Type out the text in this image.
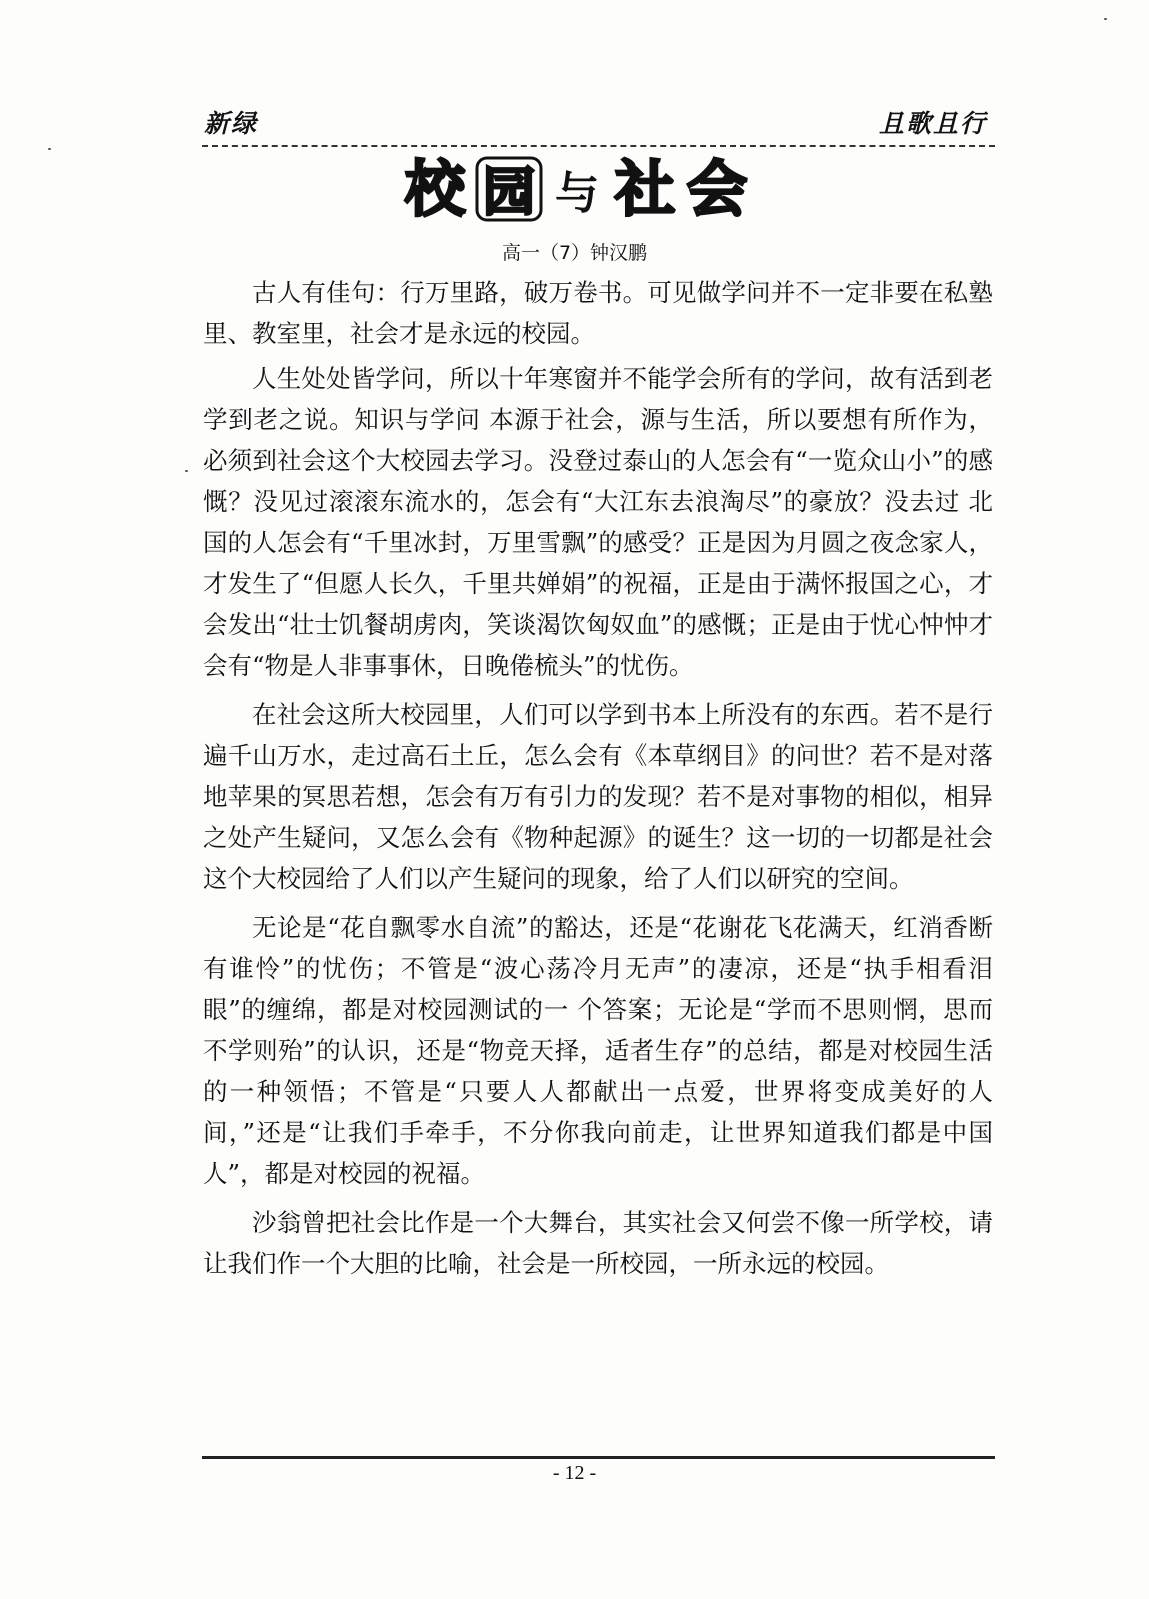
新绿	且歌且行
校 园 与 社 会
高一（7）钟汉鹏

古人有佳句：行万里路，破万卷书。可见做学问并不一定非要在私塾里、教室里，社会才是永远的校园。

人生处处皆学问，所以十年寒窗并不能学会所有的学问，故有活到老学到老之说。知识与学问 本源于社会，源与生活，所以要想有所作为，必须到社会这个大校园去学习。没登过泰山的人怎会有“一览众山小”的感慨？没见过滚滚东流水的，怎会有“大江东去浪淘尽”的豪放？没去过 北国的人怎会有“千里冰封，万里雪飘”的感受？正是因为月圆之夜念家人，才发生了“但愿人长久，千里共婵娟”的祝福，正是由于满怀报国之心，才会发出“壮士饥餐胡虏肉，笑谈渴饮匈奴血”的感慨；正是由于忧心忡忡才会有“物是人非事事休，日晚倦梳头”的忧伤。

在社会这所大校园里，人们可以学到书本上所没有的东西。若不是行遍千山万水，走过高石土丘，怎么会有《本草纲目》的问世？若不是对落地苹果的冥思若想，怎会有万有引力的发现？若不是对事物的相似，相异之处产生疑问，又怎么会有《物种起源》的诞生？这一切的一切都是社会这个大校园给了人们以产生疑问的现象，给了人们以研究的空间。

无论是“花自飘零水自流”的豁达，还是“花谢花飞花满天，红消香断有谁怜”的忧伤；不管是“波心荡冷月无声”的凄凉，还是“执手相看泪眼”的缠绵，都是对校园测试的一 个答案；无论是“学而不思则惘，思而不学则殆”的认识，还是“物竞天择，适者生存”的总结，都是对校园生活的一种领悟；不管是“只要人人都献出一点爱，世界将变成美好的人间，”还是“让我们手牵手，不分你我向前走，让世界知道我们都是中国人”，都是对校园的祝福。

沙翁曾把社会比作是一个大舞台，其实社会又何尝不像一所学校，请让我们作一个大胆的比喻，社会是一所校园，一所永远的校园。

- 12 -
